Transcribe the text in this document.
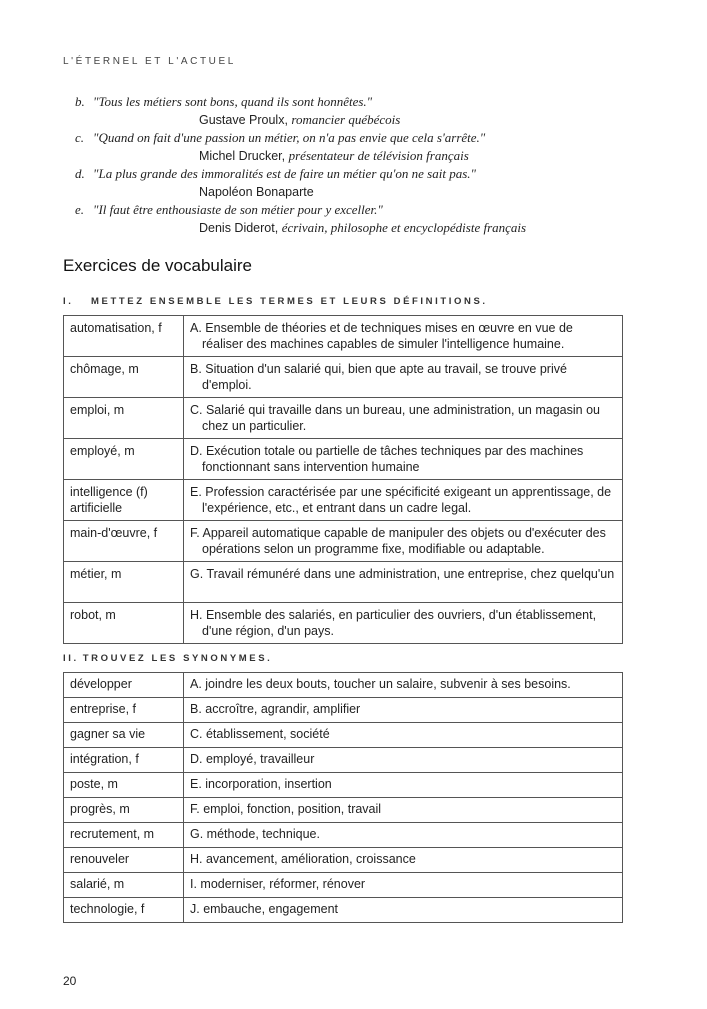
L'ÉTERNEL ET L'ACTUEL
b. "Tous les métiers sont bons, quand ils sont honnêtes."
Gustave Proulx, romancier québécois
c. "Quand on fait d'une passion un métier, on n'a pas envie que cela s'arrête."
Michel Drucker, présentateur de télévision français
d. "La plus grande des immoralités est de faire un métier qu'on ne sait pas."
Napoléon Bonaparte
e. "Il faut être enthousiaste de son métier pour y exceller."
Denis Diderot, écrivain, philosophe et encyclopédiste français
Exercices de vocabulaire
I. METTEZ ENSEMBLE LES TERMES ET LEURS DÉFINITIONS.
automatisation, f	A. Ensemble de théories et de techniques mises en œuvre en vue de réaliser des machines capables de simuler l'intelligence humaine.
chômage, m	B. Situation d'un salarié qui, bien que apte au travail, se trouve privé d'emploi.
emploi, m	C. Salarié qui travaille dans un bureau, une administration, un magasin ou chez un particulier.
employé, m	D. Exécution totale ou partielle de tâches techniques par des machines fonctionnant sans intervention humaine
intelligence (f) artificielle	E. Profession caractérisée par une spécificité exigeant un apprentissage, de l'expérience, etc., et entrant dans un cadre legal.
main-d'œuvre, f	F. Appareil automatique capable de manipuler des objets ou d'exécuter des opérations selon un programme fixe, modifiable ou adaptable.
métier, m	G. Travail rémunéré dans une administration, une entreprise, chez quelqu'un
robot, m	H. Ensemble des salariés, en particulier des ouvriers, d'un établissement, d'une région, d'un pays.
II. TROUVEZ LES SYNONYMES.
développer	A. joindre les deux bouts, toucher un salaire, subvenir à ses besoins.
entreprise, f	B. accroître, agrandir, amplifier
gagner sa vie	C. établissement, société
intégration, f	D. employé, travailleur
poste, m	E. incorporation, insertion
progrès, m	F. emploi, fonction, position, travail
recrutement, m	G. méthode, technique.
renouveler	H. avancement, amélioration, croissance
salarié, m	I. moderniser, réformer, rénover
technologie, f	J. embauche, engagement
20
